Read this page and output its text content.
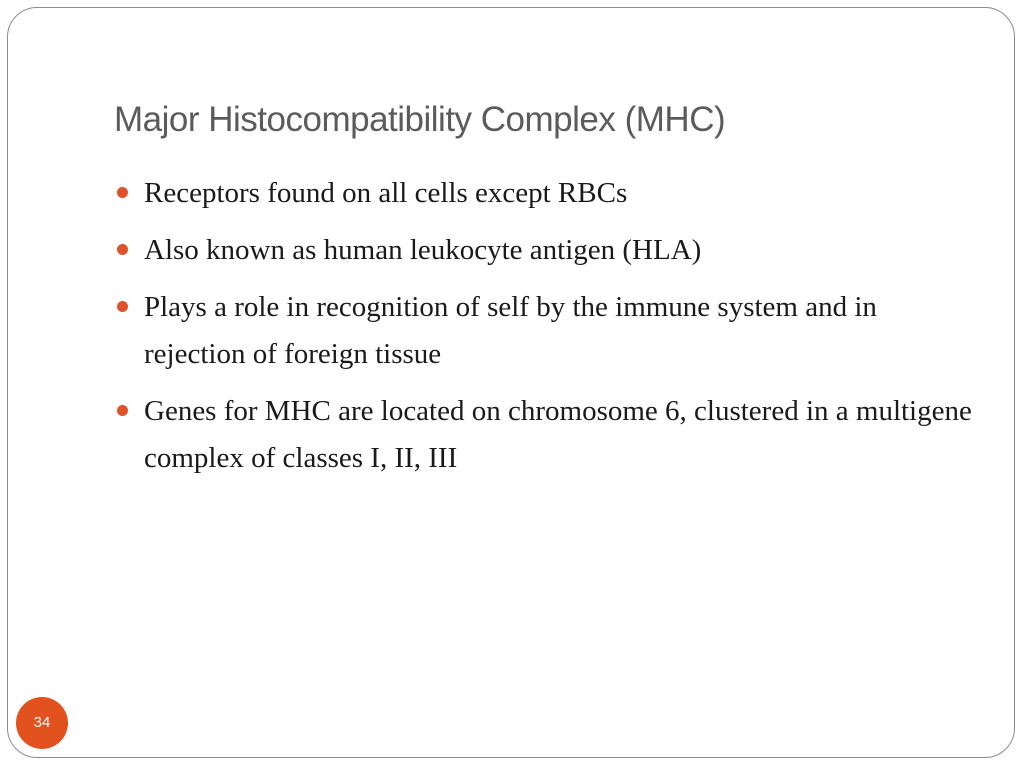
Major Histocompatibility Complex (MHC)
Receptors found on all cells except RBCs
Also known as human leukocyte antigen (HLA)
Plays a role in recognition of self by the immune system and in rejection of foreign tissue
Genes for MHC are located on chromosome 6, clustered in a multigene complex of classes I, II, III
34
